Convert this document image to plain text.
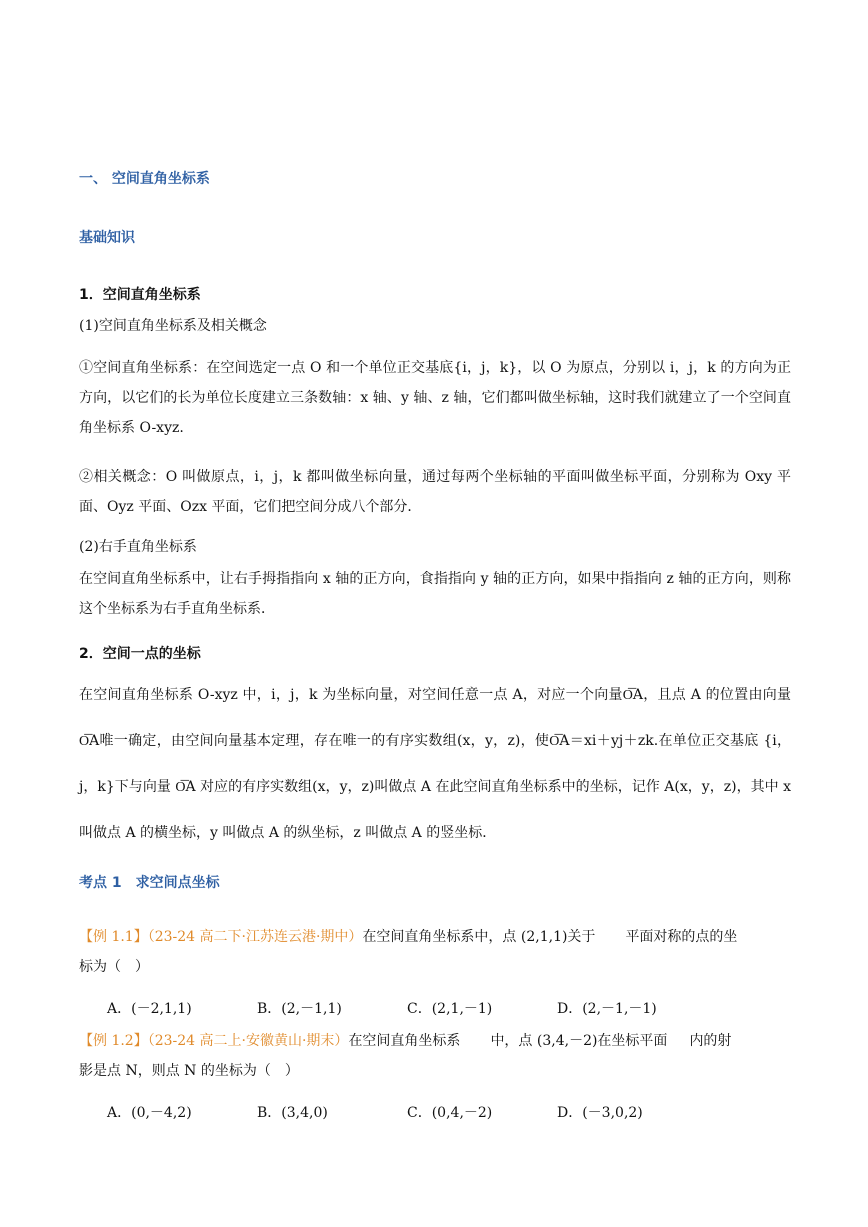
一、 空间直角坐标系
基础知识
1．空间直角坐标系
(1)空间直角坐标系及相关概念
①空间直角坐标系：在空间选定一点 O 和一个单位正交基底{i，j，k}，以 O 为原点，分别以 i，j，k 的方向为正方向，以它们的长为单位长度建立三条数轴：x 轴、y 轴、z 轴，它们都叫做坐标轴，这时我们就建立了一个空间直角坐标系 O-xyz.
②相关概念：O 叫做原点，i，j，k 都叫做坐标向量，通过每两个坐标轴的平面叫做坐标平面，分别称为 Oxy 平面、Oyz 平面、Ozx 平面，它们把空间分成八个部分．
(2)右手直角坐标系
在空间直角坐标系中，让右手拇指指向 x 轴的正方向，食指指向 y 轴的正方向，如果中指指向 z 轴的正方向，则称这个坐标系为右手直角坐标系．
2．空间一点的坐标
在空间直角坐标系 O-xyz 中，i，j，k 为坐标向量，对空间任意一点 A，对应一个向量O͞A，且点 A 的位置由向量O͞A唯一确定，由空间向量基本定理，存在唯一的有序实数组(x，y，z)，使O͞A＝xi＋yj＋zk.在单位正交基底 {i，j，k}下与向量 O͞A 对应的有序实数组(x，y，z)叫做点 A 在此空间直角坐标系中的坐标，记作 A(x，y，z)，其中 x 叫做点 A 的横坐标，y 叫做点 A 的纵坐标，z 叫做点 A 的竖坐标．
考点 1　求空间点坐标
【例 1.1】（23-24 高二下·江苏连云港·期中）在空间直角坐标系中，点 (2,1,1)关于 平面对称的点的坐
标为（　）
A．(－2,1,1)	B．(2,－1,1)	C．(2,1,－1)	D．(2,－1,－1)
【例 1.2】（23-24 高二上·安徽黄山·期末）在空间直角坐标系 中，点 (3,4,－2)在坐标平面 内的射
影是点 N，则点 N 的坐标为（　）
A．(0,－4,2)	B．(3,4,0)	C．(0,4,－2)	D．(－3,0,2)
